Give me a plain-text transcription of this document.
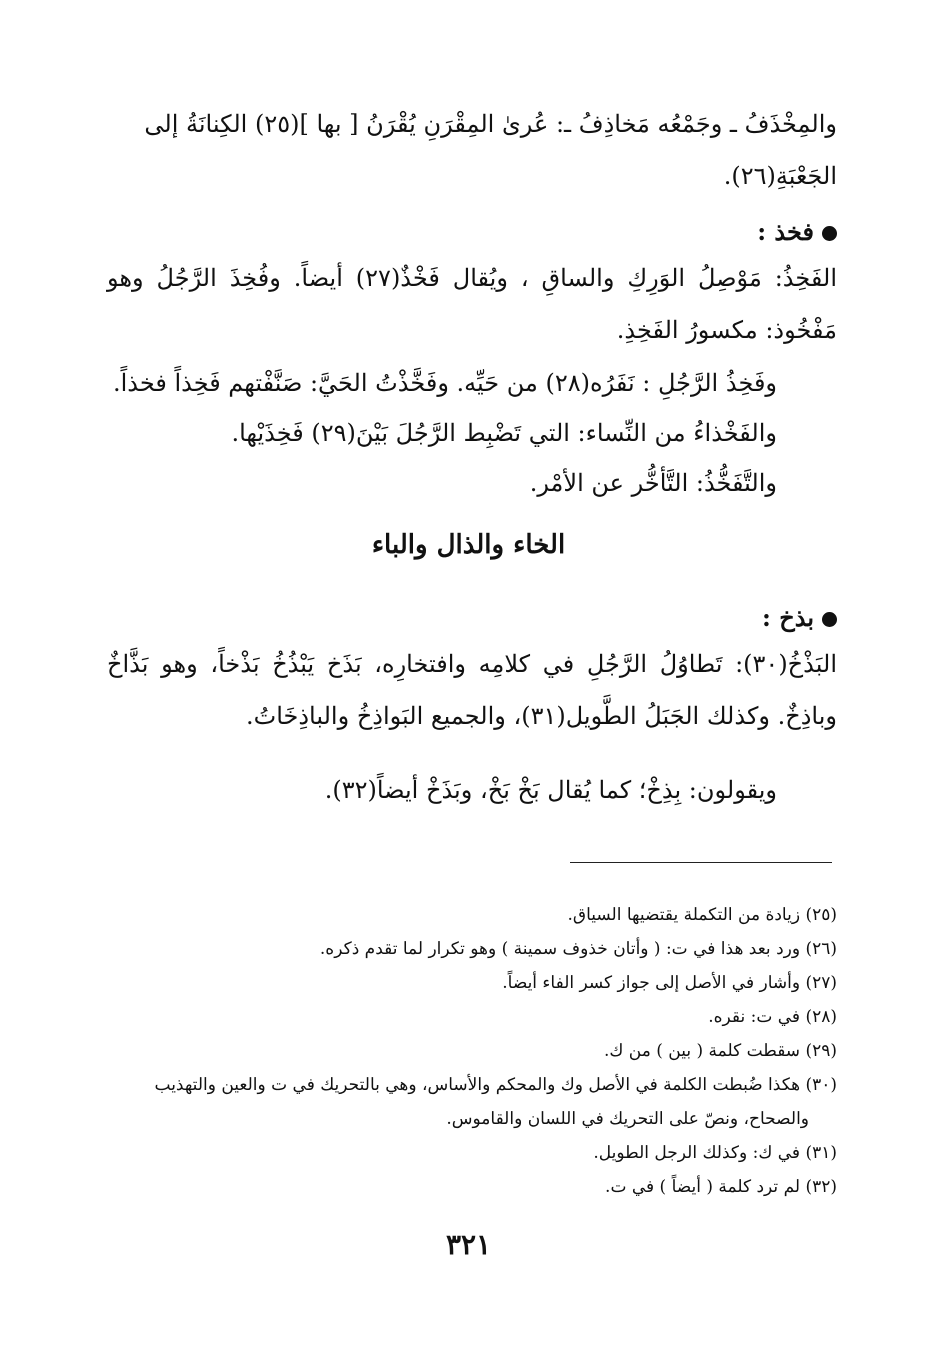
والمِخْذَفُ ـ وجَمْعُه مَخاذِفُ ـ: عُرىٰ المِقْرَنِ يُقْرَنُ [ بها ](٢٥) الكِنانَةُ إلى

الجَعْبَةِ(٢٦).

فخذ :

الفَخِذُ: مَوْصِلُ الوَرِكِ والساقِ ، ويُقال فَخْذٌ(٢٧) أيضاً. وفُخِذَ الرَّجُلُ وهو مَفْخُوذ: مكسورُ الفَخِذِ.

وفَخِذُ الرَّجُلِ : نَفَرُه(٢٨) من حَيِّه. وفَخَّذْتُ الحَيَّ: صَنَّفْتهم فَخِذاً فخذاً.

والفَخْذاءُ من النِّساء: التي تَضْبِط الرَّجُلَ بَيْنَ(٢٩) فَخِذَيْها.

والتَّفَخُّذُ: التَّأخُّر عن الأمْر.

الخاء والذال والباء
بذخ :

البَذْخُ(٣٠): تَطاوُلُ الرَّجُلِ في كلامِه وافتخارِه، بَذَخ يَبْذُخُ بَذْخاً، وهو بَذَّاخٌ وباذِخٌ. وكذلك الجَبَلُ الطَّويل(٣١)، والجميع البَواذِخُ والباذِخَاتُ.

ويقولون: بِذِخْ؛ كما يُقال بَخْ بَخْ، وبَذَخْ أيضاً(٣٢).

(٢٥) زيادة من التكملة يقتضيها السياق.
(٢٦) ورد بعد هذا في ت: ( وأتان خذوف سمينة ) وهو تكرار لما تقدم ذكره.
(٢٧) وأشار في الأصل إلى جواز كسر الفاء أيضاً.
(٢٨) في ت: نقره.
(٢٩) سقطت كلمة ( بين ) من ك.
(٣٠) هكذا ضُبطت الكلمة في الأصل وك والمحكم والأساس، وهي بالتحريك في ت والعين والتهذيب
والصحاح، ونصّ على التحريك في اللسان والقاموس.
(٣١) في ك: وكذلك الرجل الطويل.
(٣٢) لم ترد كلمة ( أيضاً ) في ت.
٣٢١
